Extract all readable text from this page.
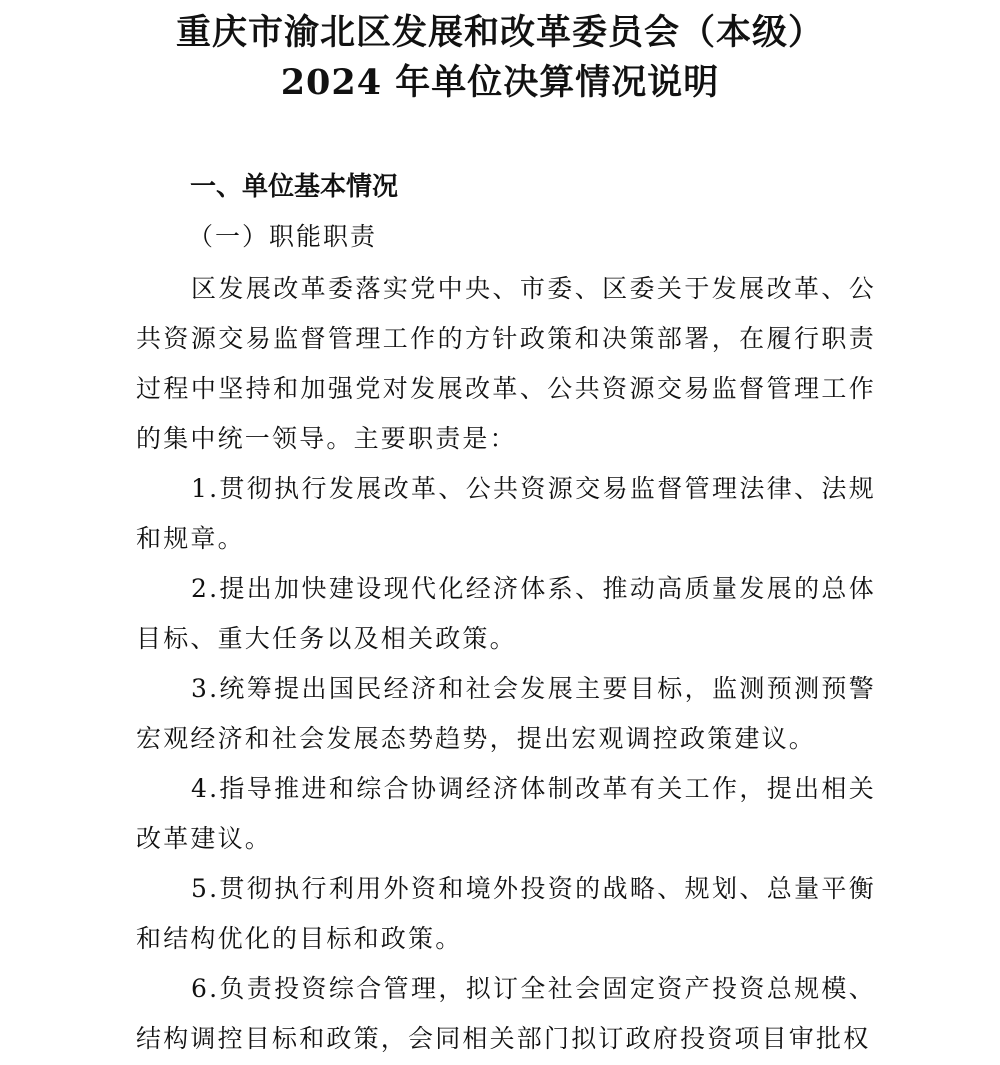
重庆市渝北区发展和改革委员会（本级）
2024 年单位决算情况说明
一、单位基本情况
（一）职能职责

区发展改革委落实党中央、市委、区委关于发展改革、公共资源交易监督管理工作的方针政策和决策部署，在履行职责过程中坚持和加强党对发展改革、公共资源交易监督管理工作的集中统一领导。主要职责是：

1.贯彻执行发展改革、公共资源交易监督管理法律、法规和规章。

2.提出加快建设现代化经济体系、推动高质量发展的总体目标、重大任务以及相关政策。

3.统筹提出国民经济和社会发展主要目标，监测预测预警宏观经济和社会发展态势趋势，提出宏观调控政策建议。

4.指导推进和综合协调经济体制改革有关工作，提出相关改革建议。

5.贯彻执行利用外资和境外投资的战略、规划、总量平衡和结构优化的目标和政策。

6.负责投资综合管理，拟订全社会固定资产投资总规模、结构调控目标和政策，会同相关部门拟订政府投资项目审批权
